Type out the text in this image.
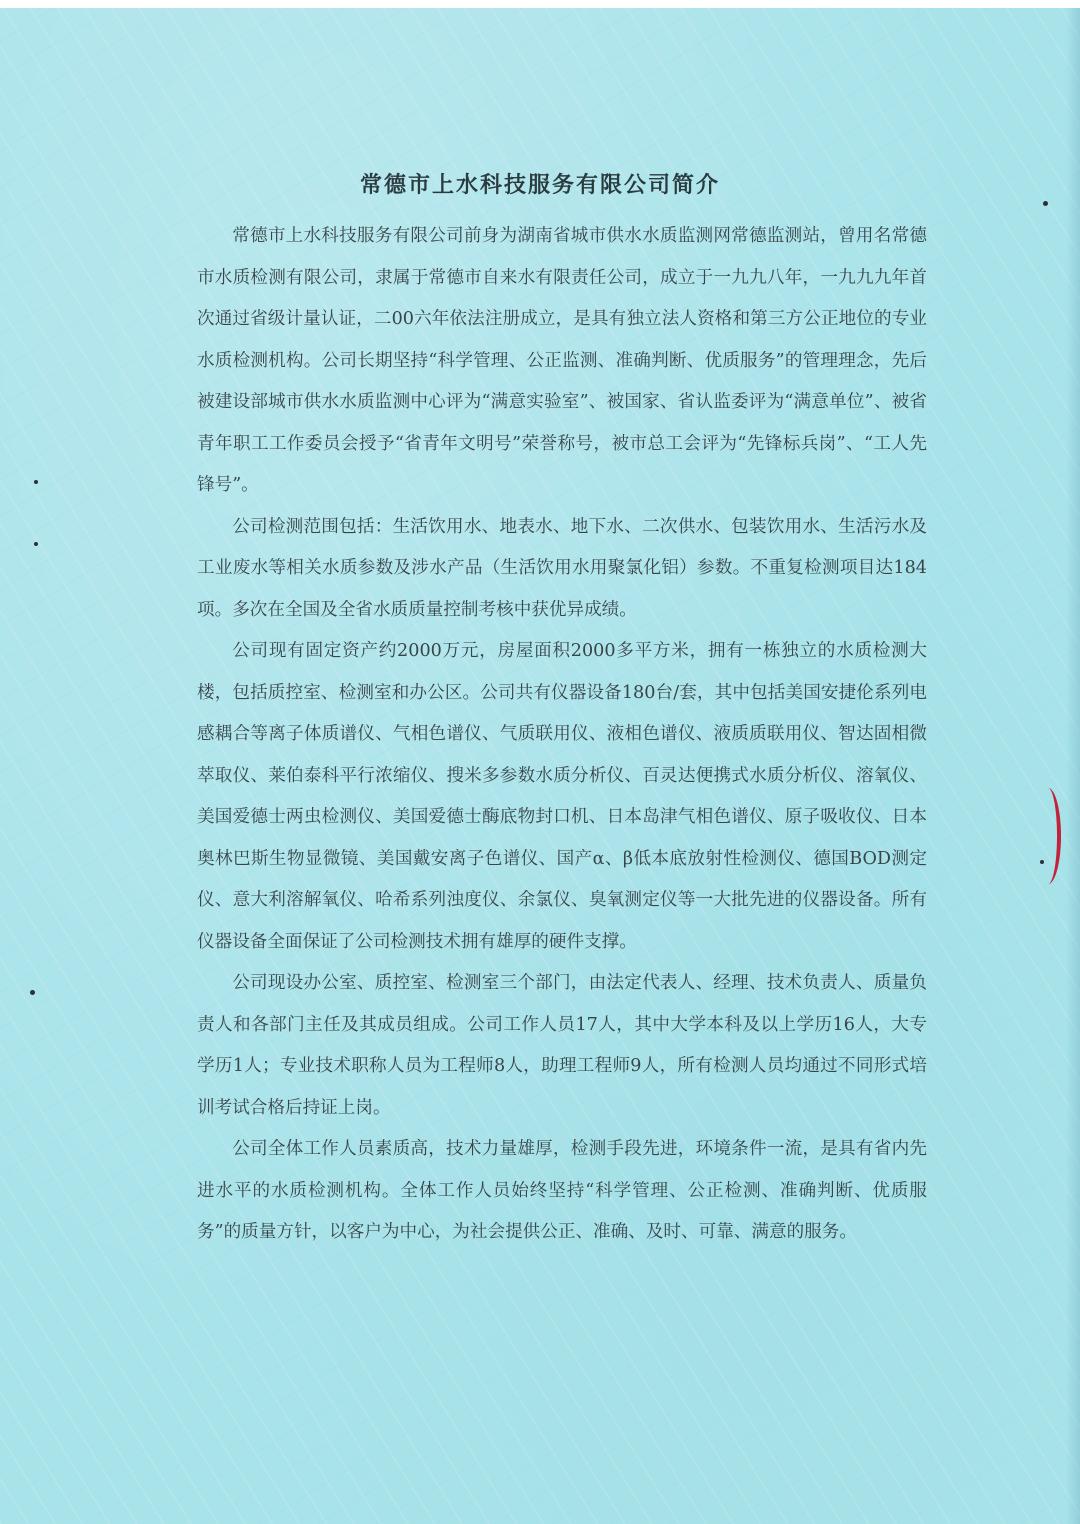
常德市上水科技服务有限公司简介

常德市上水科技服务有限公司前身为湖南省城市供水水质监测网常德监测站，曾用名常德市水质检测有限公司，隶属于常德市自来水有限责任公司，成立于一九九八年，一九九九年首次通过省级计量认证，二00六年依法注册成立，是具有独立法人资格和第三方公正地位的专业水质检测机构。公司长期坚持“科学管理、公正监测、准确判断、优质服务”的管理理念，先后被建设部城市供水水质监测中心评为“满意实验室”、被国家、省认监委评为“满意单位”、被省青年职工工作委员会授予“省青年文明号”荣誉称号，被市总工会评为“先锋标兵岗”、“工人先锋号”。

公司检测范围包括：生活饮用水、地表水、地下水、二次供水、包装饮用水、生活污水及工业废水等相关水质参数及涉水产品（生活饮用水用聚氯化铝）参数。不重复检测项目达184项。多次在全国及全省水质质量控制考核中获优异成绩。

公司现有固定资产约2000万元，房屋面积2000多平方米，拥有一栋独立的水质检测大楼，包括质控室、检测室和办公区。公司共有仪器设备180台/套，其中包括美国安捷伦系列电感耦合等离子体质谱仪、气相色谱仪、气质联用仪、液相色谱仪、液质质联用仪、智达固相微萃取仪、莱伯泰科平行浓缩仪、搜米多参数水质分析仪、百灵达便携式水质分析仪、溶氧仪、美国爱德士两虫检测仪、美国爱德士酶底物封口机、日本岛津气相色谱仪、原子吸收仪、日本奥林巴斯生物显微镜、美国戴安离子色谱仪、国产α、β低本底放射性检测仪、德国BOD测定仪、意大利溶解氧仪、哈希系列浊度仪、余氯仪、臭氧测定仪等一大批先进的仪器设备。所有仪器设备全面保证了公司检测技术拥有雄厚的硬件支撑。

公司现设办公室、质控室、检测室三个部门，由法定代表人、经理、技术负责人、质量负责人和各部门主任及其成员组成。公司工作人员17人，其中大学本科及以上学历16人，大专学历1人；专业技术职称人员为工程师8人，助理工程师9人，所有检测人员均通过不同形式培训考试合格后持证上岗。

公司全体工作人员素质高，技术力量雄厚，检测手段先进，环境条件一流，是具有省内先进水平的水质检测机构。全体工作人员始终坚持“科学管理、公正检测、准确判断、优质服务”的质量方针，以客户为中心，为社会提供公正、准确、及时、可靠、满意的服务。
